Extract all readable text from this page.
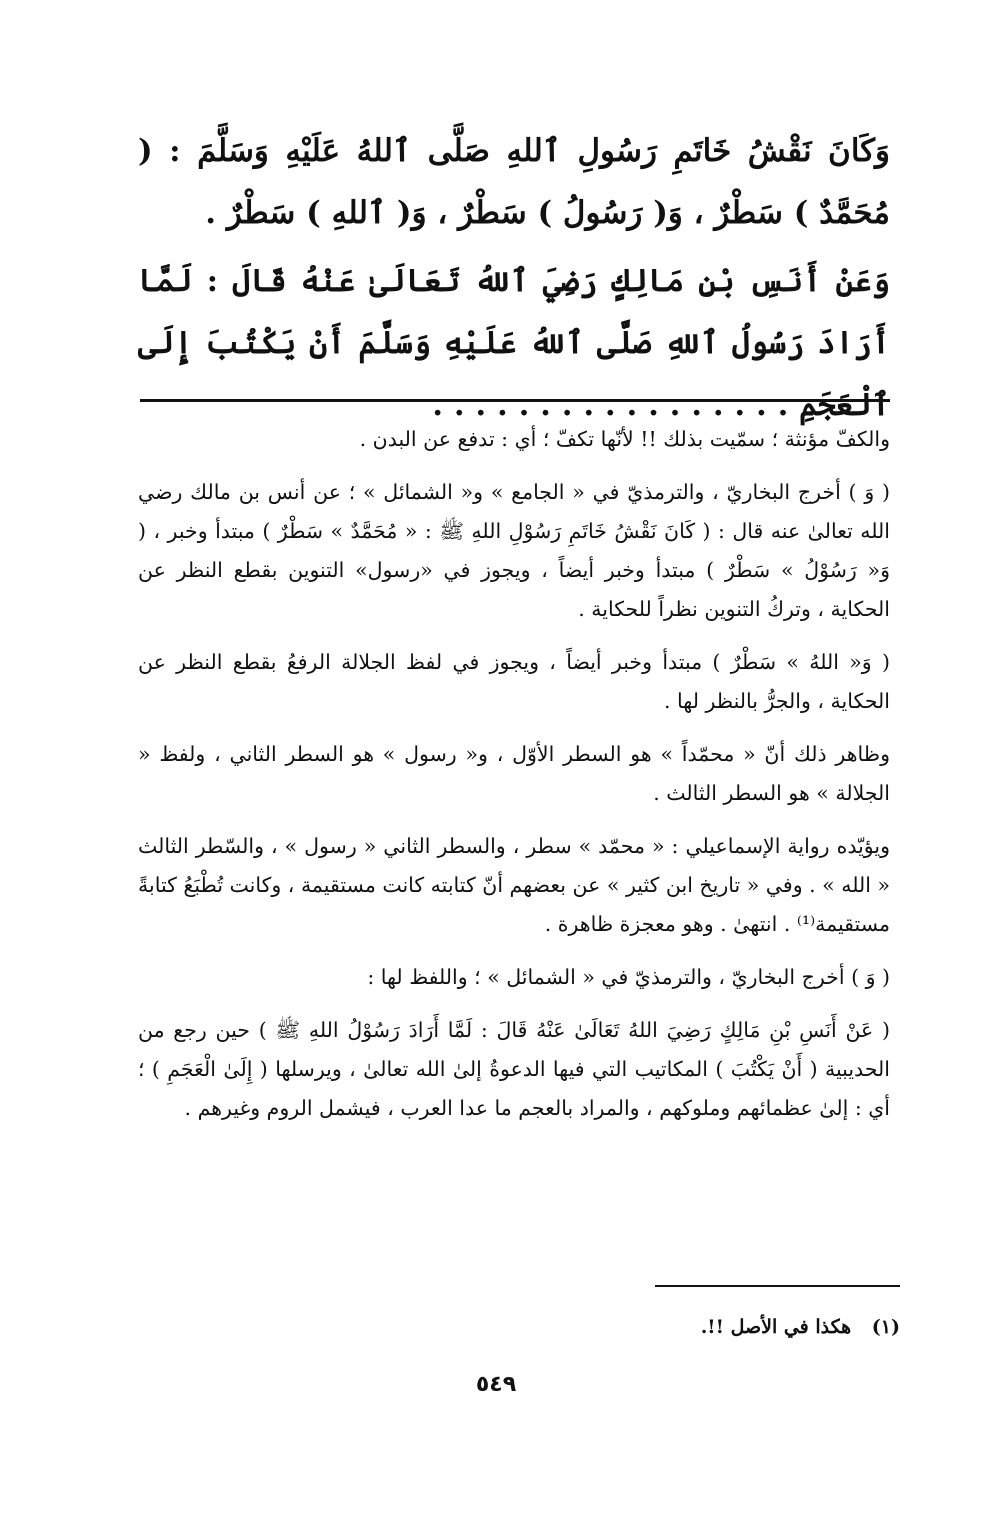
وَكَانَ نَقْشُ خَاتَمِ رَسُولِ ٱللهِ صَلَّى ٱللهُ عَلَيْهِ وَسَلَّمَ : ( مُحَمَّدٌ ) سَطْرٌ ، وَ( رَسُولُ ) سَطْرٌ ، وَ( ٱللهِ ) سَطْرٌ .

وَعَنْ أَنَسِ بْنِ مَالِكٍ رَضِيَ ٱللهُ تَعَالَىٰ عَنْهُ قَالَ : لَمَّا أَرَادَ رَسُولُ ٱللهِ صَلَّى ٱللهُ عَلَيْهِ وَسَلَّمَ أَنْ يَكْتُبَ إِلَى ٱلْعَجَمِ . . . . . . . . . . . . . . . . .

والكفّ مؤنثة ؛ سمّيت بذلك !! لأنّها تكفّ ؛ أي : تدفع عن البدن .

( وَ ) أخرج البخاريّ ، والترمذيّ في « الجامع » و« الشمائل » ؛ عن أنس بن مالك رضي الله تعالىٰ عنه قال : ( كَانَ نَقْشُ خَاتَمِ رَسُوْلِ اللهِ ﷺ : « مُحَمَّدٌ » سَطْرٌ ) مبتدأ وخبر ، ( وَ« رَسُوْلُ » سَطْرٌ ) مبتدأ وخبر أيضاً ، ويجوز في «رسول» التنوين بقطع النظر عن الحكاية ، وتركُ التنوين نظراً للحكاية .

( وَ« اللهُ » سَطْرٌ ) مبتدأ وخبر أيضاً ، ويجوز في لفظ الجلالة الرفعُ بقطع النظر عن الحكاية ، والجرُّ بالنظر لها .

وظاهر ذلك أنّ « محمّداً » هو السطر الأوّل ، و« رسول » هو السطر الثاني ، ولفظ « الجلالة » هو السطر الثالث .

ويؤيّده رواية الإسماعيلي : « محمّد » سطر ، والسطر الثاني « رسول » ، والسّطر الثالث « الله » . وفي « تاريخ ابن كثير » عن بعضهم أنّ كتابته كانت مستقيمة ، وكانت تُطْبَعُ كتابةً مستقيمة⁽¹⁾ . انتهىٰ . وهو معجزة ظاهرة .

( وَ ) أخرج البخاريّ ، والترمذيّ في « الشمائل » ؛ واللفظ لها :

( عَنْ أَنَسِ بْنِ مَالِكٍ رَضِيَ اللهُ تَعَالَىٰ عَنْهُ قَالَ : لَمَّا أَرَادَ رَسُوْلُ اللهِ ﷺ ) حين رجع من الحديبية ( أَنْ يَكْتُبَ ) المكاتيب التي فيها الدعوةُ إلىٰ الله تعالىٰ ، ويرسلها ( إِلَىٰ الْعَجَمِ ) ؛ أي : إلىٰ عظمائهم وملوكهم ، والمراد بالعجم ما عدا العرب ، فيشمل الروم وغيرهم .

(١) هكذا في الأصل !!.
٥٤٩
